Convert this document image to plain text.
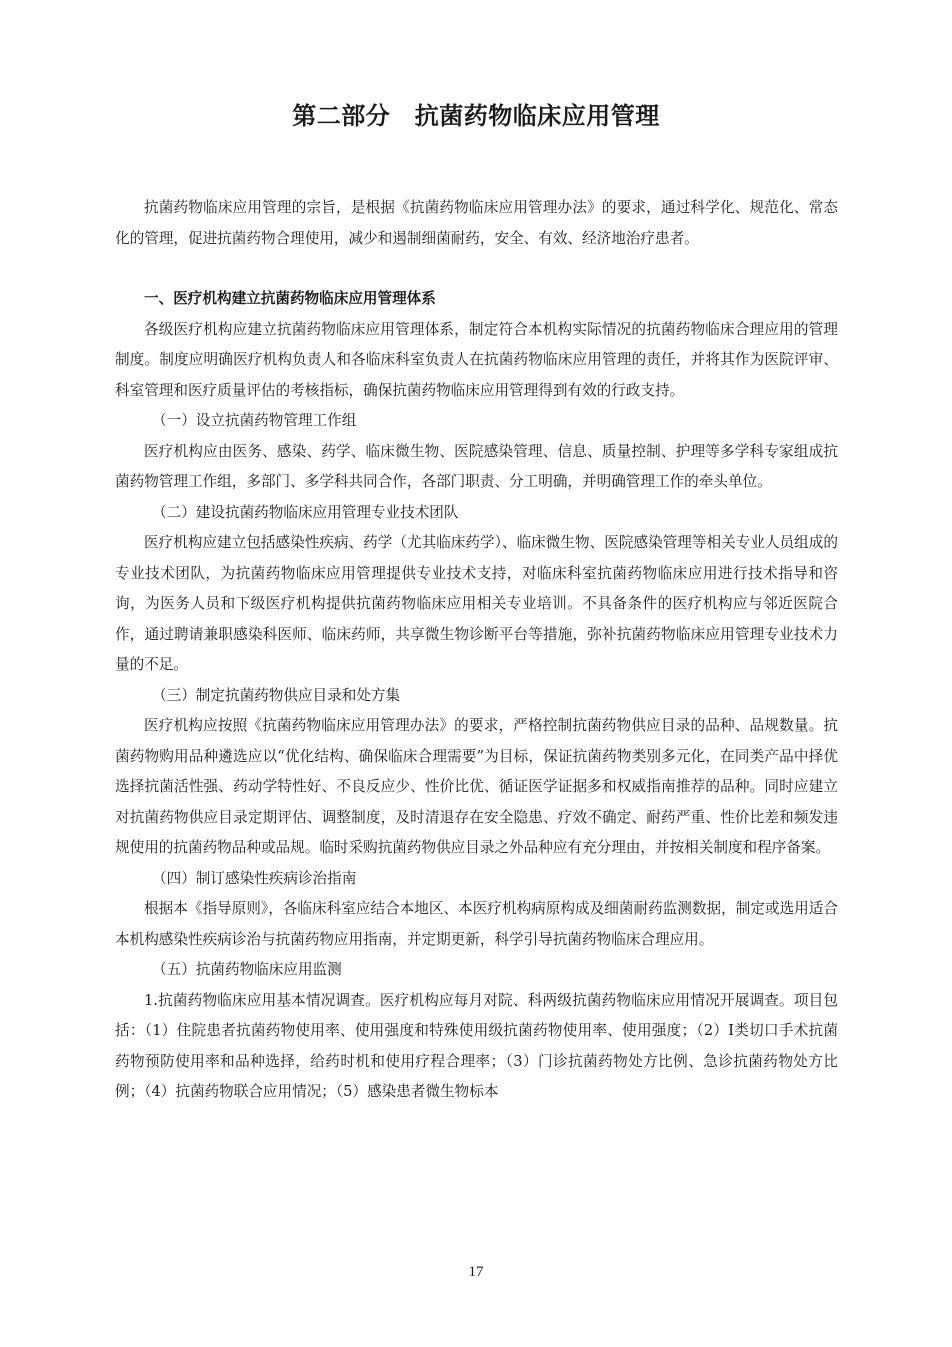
第二部分　抗菌药物临床应用管理

抗菌药物临床应用管理的宗旨，是根据《抗菌药物临床应用管理办法》的要求，通过科学化、规范化、常态化的管理，促进抗菌药物合理使用，减少和遏制细菌耐药，安全、有效、经济地治疗患者。

一、医疗机构建立抗菌药物临床应用管理体系

各级医疗机构应建立抗菌药物临床应用管理体系，制定符合本机构实际情况的抗菌药物临床合理应用的管理制度。制度应明确医疗机构负责人和各临床科室负责人在抗菌药物临床应用管理的责任，并将其作为医院评审、科室管理和医疗质量评估的考核指标，确保抗菌药物临床应用管理得到有效的行政支持。

（一）设立抗菌药物管理工作组

医疗机构应由医务、感染、药学、临床微生物、医院感染管理、信息、质量控制、护理等多学科专家组成抗菌药物管理工作组，多部门、多学科共同合作，各部门职责、分工明确，并明确管理工作的牵头单位。

（二）建设抗菌药物临床应用管理专业技术团队

医疗机构应建立包括感染性疾病、药学（尤其临床药学）、临床微生物、医院感染管理等相关专业人员组成的专业技术团队，为抗菌药物临床应用管理提供专业技术支持，对临床科室抗菌药物临床应用进行技术指导和咨询，为医务人员和下级医疗机构提供抗菌药物临床应用相关专业培训。不具备条件的医疗机构应与邻近医院合作，通过聘请兼职感染科医师、临床药师，共享微生物诊断平台等措施，弥补抗菌药物临床应用管理专业技术力量的不足。

（三）制定抗菌药物供应目录和处方集

医疗机构应按照《抗菌药物临床应用管理办法》的要求，严格控制抗菌药物供应目录的品种、品规数量。抗菌药物购用品种遴选应以“优化结构、确保临床合理需要”为目标，保证抗菌药物类别多元化，在同类产品中择优选择抗菌活性强、药动学特性好、不良反应少、性价比优、循证医学证据多和权威指南推荐的品种。同时应建立对抗菌药物供应目录定期评估、调整制度，及时清退存在安全隐患、疗效不确定、耐药严重、性价比差和频发违规使用的抗菌药物品种或品规。临时采购抗菌药物供应目录之外品种应有充分理由，并按相关制度和程序备案。

（四）制订感染性疾病诊治指南

根据本《指导原则》，各临床科室应结合本地区、本医疗机构病原构成及细菌耐药监测数据，制定或选用适合本机构感染性疾病诊治与抗菌药物应用指南，并定期更新，科学引导抗菌药物临床合理应用。

（五）抗菌药物临床应用监测

1.抗菌药物临床应用基本情况调查。医疗机构应每月对院、科两级抗菌药物临床应用情况开展调查。项目包括：（1）住院患者抗菌药物使用率、使用强度和特殊使用级抗菌药物使用率、使用强度；（2）Ⅰ类切口手术抗菌药物预防使用率和品种选择，给药时机和使用疗程合理率；（3）门诊抗菌药物处方比例、急诊抗菌药物处方比例；（4）抗菌药物联合应用情况；（5）感染患者微生物标本

17
